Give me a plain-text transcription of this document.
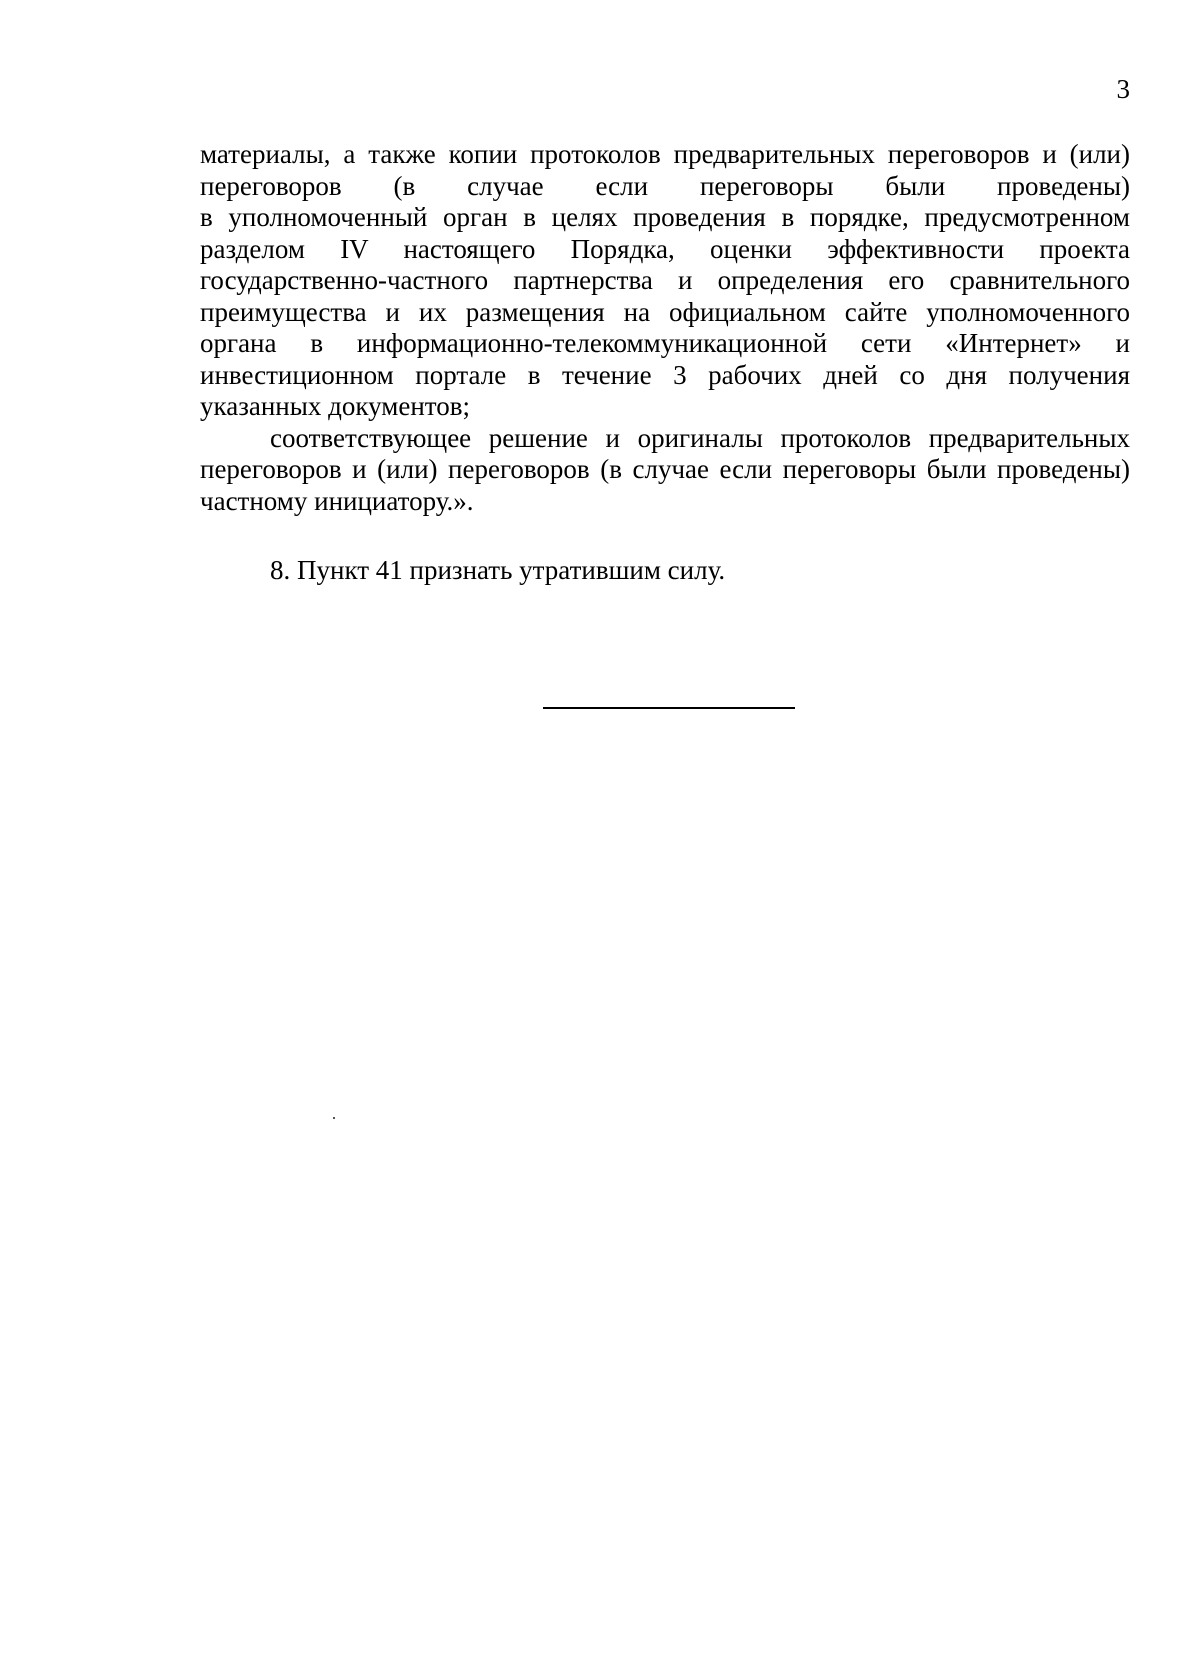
3

материалы, а также копии протоколов предварительных переговоров и (или)
переговоров (в случае если переговоры были проведены)
в уполномоченный орган в целях проведения в порядке, предусмотренном
разделом IV настоящего Порядка, оценки эффективности проекта
государственно-частного партнерства и определения его сравнительного
преимущества и их размещения на официальном сайте уполномоченного
органа в информационно-телекоммуникационной сети «Интернет» и
инвестиционном портале в течение 3 рабочих дней со дня получения
указанных документов;

соответствующее решение и оригиналы протоколов предварительных
переговоров и (или) переговоров (в случае если переговоры были проведены)
частному инициатору.».

8. Пункт 41 признать утратившим силу.
